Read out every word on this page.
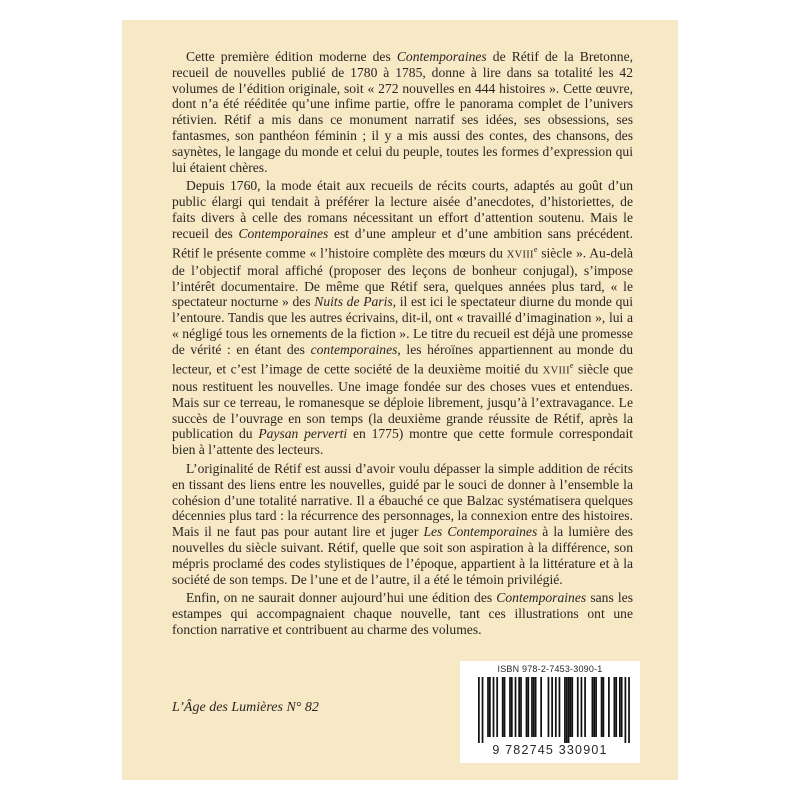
Cette première édition moderne des Contemporaines de Rétif de la Bretonne, recueil de nouvelles publié de 1780 à 1785, donne à lire dans sa totalité les 42 volumes de l’édition originale, soit « 272 nouvelles en 444 histoires ». Cette œuvre, dont n’a été rééditée qu’une infime partie, offre le panorama complet de l’univers rétivien. Rétif a mis dans ce monument narratif ses idées, ses obsessions, ses fantasmes, son panthéon féminin ; il y a mis aussi des contes, des chansons, des saynètes, le langage du monde et celui du peuple, toutes les formes d’expression qui lui étaient chères.

Depuis 1760, la mode était aux recueils de récits courts, adaptés au goût d’un public élargi qui tendait à préférer la lecture aisée d’anecdotes, d’historiettes, de faits divers à celle des romans nécessitant un effort d’attention soutenu. Mais le recueil des Contemporaines est d’une ampleur et d’une ambition sans précédent. Rétif le présente comme « l’histoire complète des mœurs du XVIIIe siècle ». Au-delà de l’objectif moral affiché (proposer des leçons de bonheur conjugal), s’impose l’intérêt documentaire. De même que Rétif sera, quelques années plus tard, « le spectateur nocturne » des Nuits de Paris, il est ici le spectateur diurne du monde qui l’entoure. Tandis que les autres écrivains, dit-il, ont « travaillé d’imagination », lui a « négligé tous les ornements de la fiction ». Le titre du recueil est déjà une promesse de vérité : en étant des contemporaines, les héroïnes appartiennent au monde du lecteur, et c’est l’image de cette société de la deuxième moitié du XVIIIe siècle que nous restituent les nouvelles. Une image fondée sur des choses vues et entendues. Mais sur ce terreau, le romanesque se déploie librement, jusqu’à l’extravagance. Le succès de l’ouvrage en son temps (la deuxième grande réussite de Rétif, après la publication du Paysan perverti en 1775) montre que cette formule correspondait bien à l’attente des lecteurs.

L’originalité de Rétif est aussi d’avoir voulu dépasser la simple addition de récits en tissant des liens entre les nouvelles, guidé par le souci de donner à l’ensemble la cohésion d’une totalité narrative. Il a ébauché ce que Balzac systématisera quelques décennies plus tard : la récurrence des personnages, la connexion entre des histoires. Mais il ne faut pas pour autant lire et juger Les Contemporaines à la lumière des nouvelles du siècle suivant. Rétif, quelle que soit son aspiration à la différence, son mépris proclamé des codes stylistiques de l’époque, appartient à la littérature et à la société de son temps. De l’une et de l’autre, il a été le témoin privilégié.

Enfin, on ne saurait donner aujourd’hui une édition des Contemporaines sans les estampes qui accompagnaient chaque nouvelle, tant ces illustrations ont une fonction narrative et contribuent au charme des volumes.

L’Âge des Lumières N° 82
ISBN 978-2-7453-3090-1
9 782745 330901
